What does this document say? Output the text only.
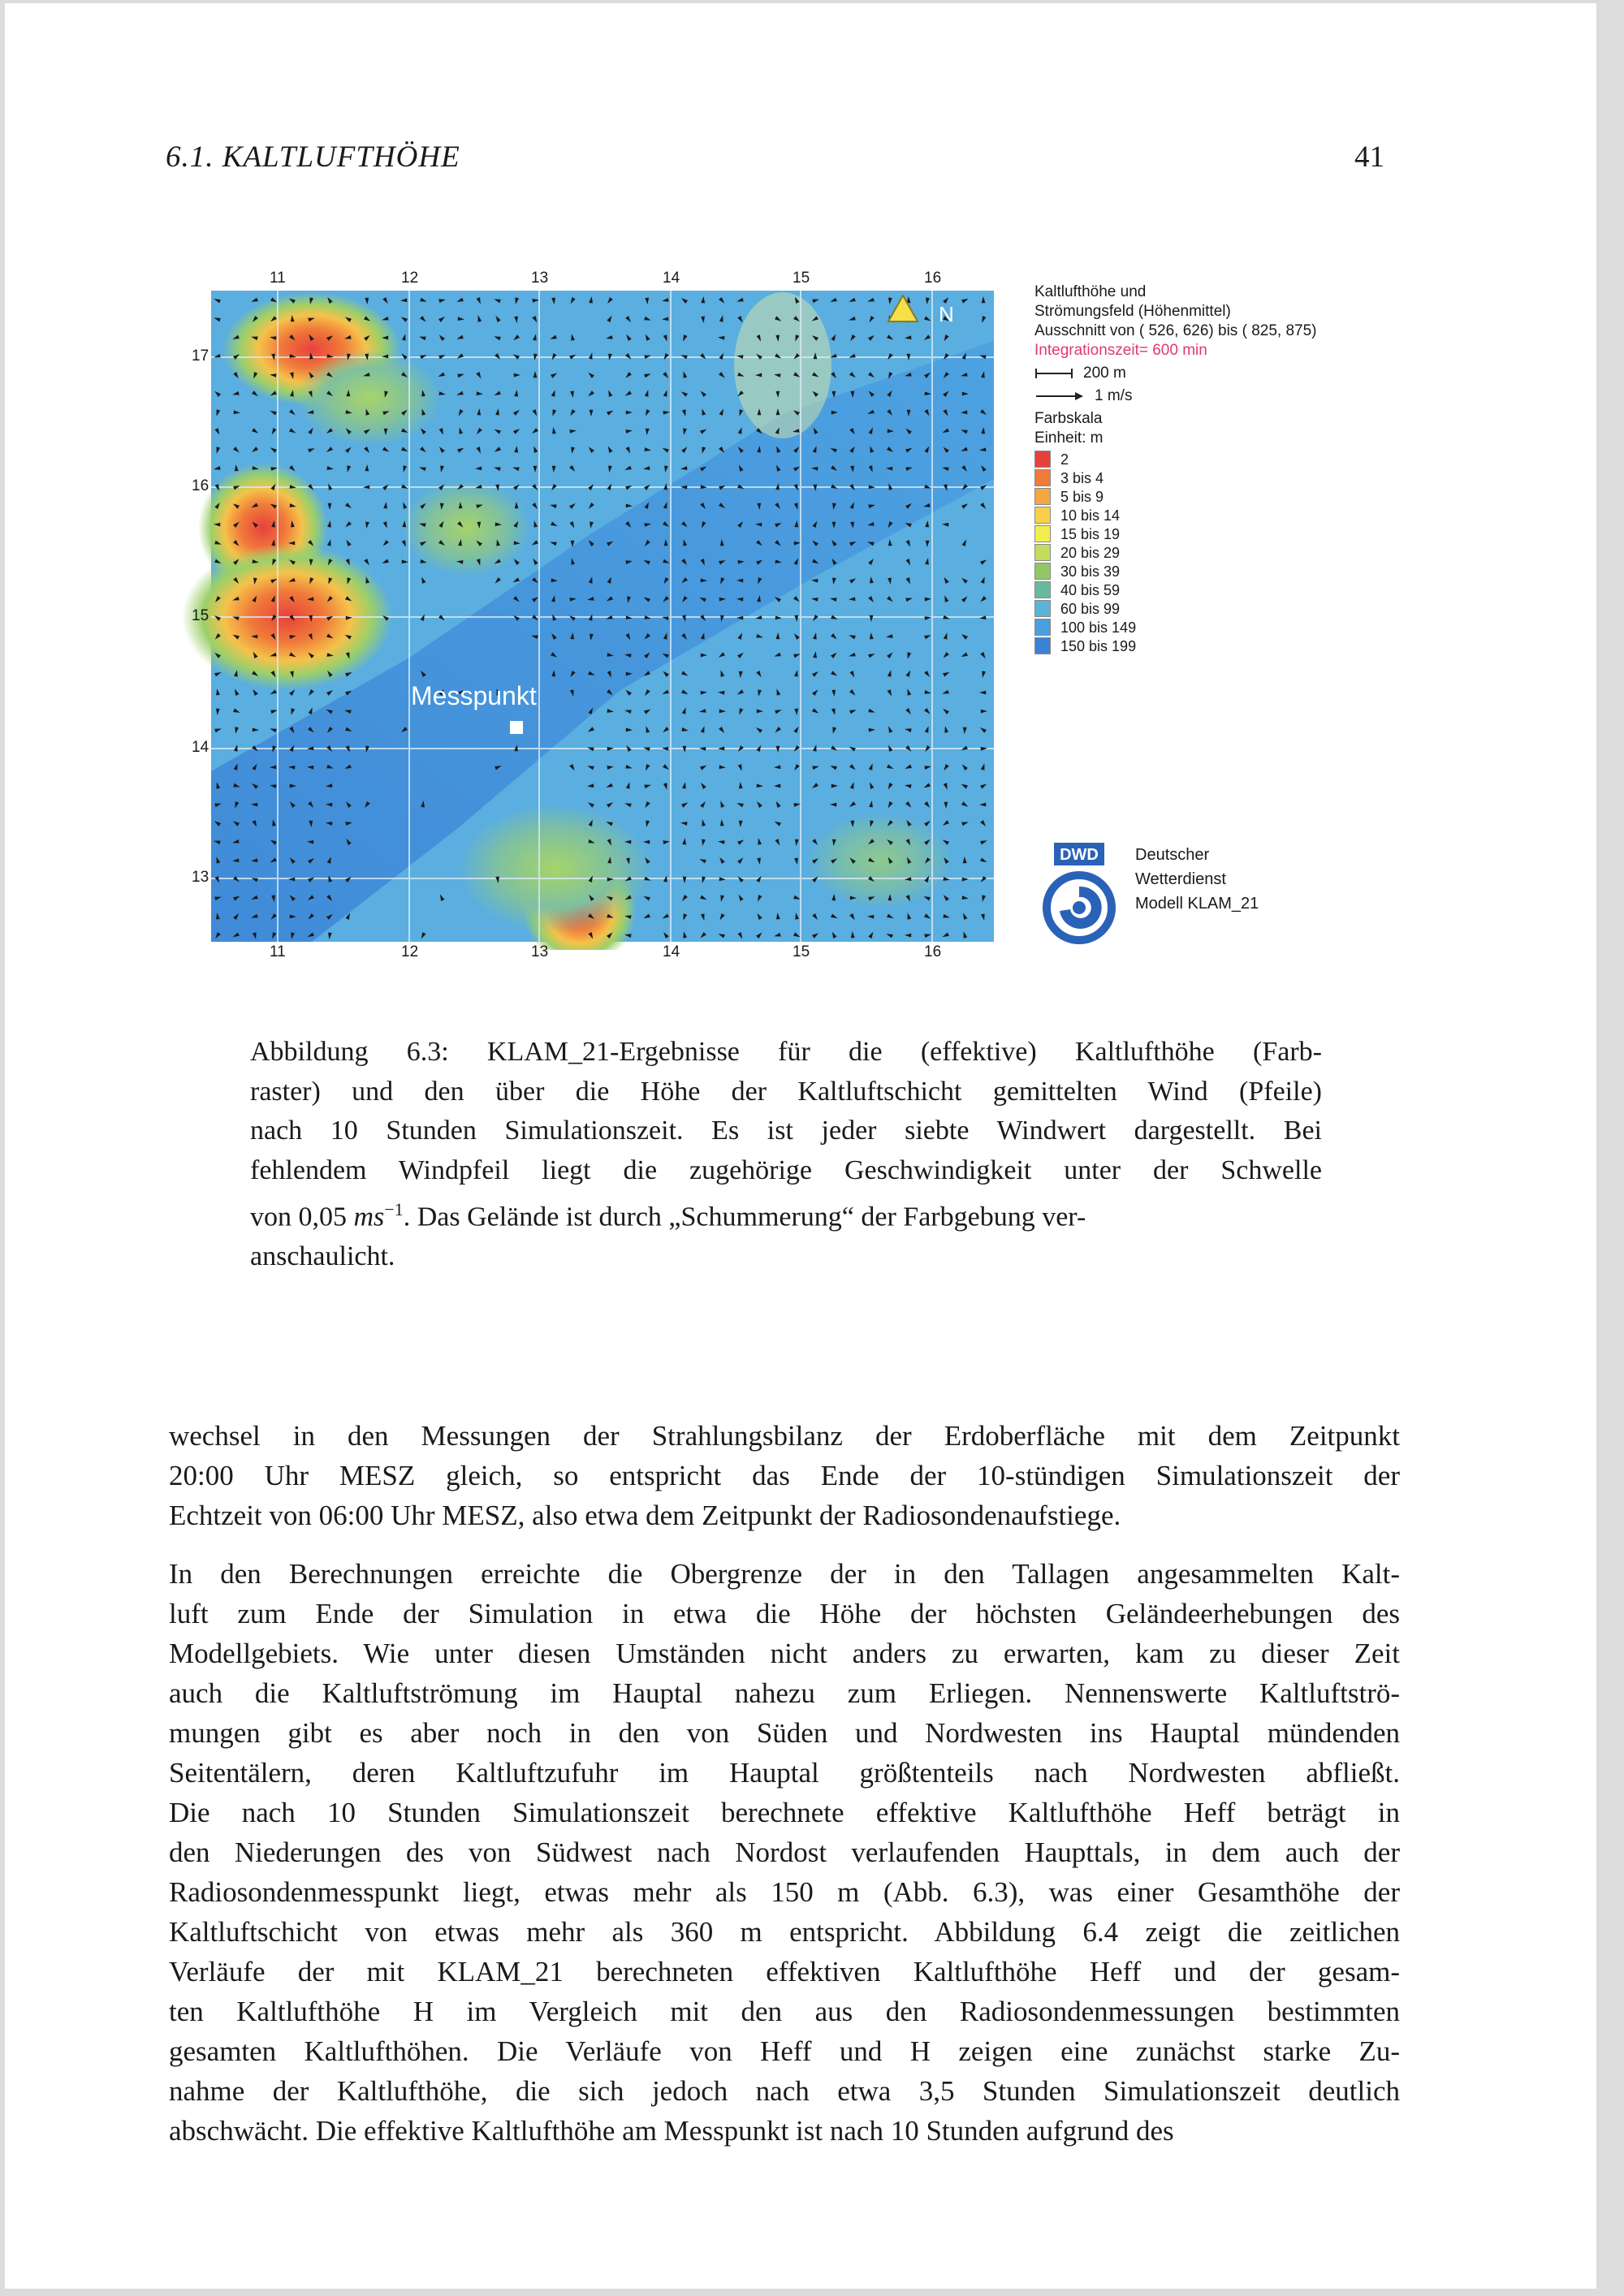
6.1. KALTLUFTHÖHE	41
N
Messpunkt
11
11
12
12
13
13
14
14
15
15
16
16
17
16
15
14
13
Kaltlufthöhe und
Strömungsfeld (Höhenmittel)
Ausschnitt von ( 526, 626) bis ( 825, 875)
Integrationszeit= 600 min
200 m
1 m/s
Farbskala
Einheit: m
2
3 bis 4
5 bis 9
10 bis 14
15 bis 19
20 bis 29
30 bis 39
40 bis 59
60 bis 99
100 bis 149
150 bis 199
DWD Deutscher
Wetterdienst
Modell KLAM_21
Abbildung 6.3: KLAM_21-Ergebnisse für die (effektive) Kaltlufthöhe (Farb-
raster) und den über die Höhe der Kaltluftschicht gemittelten Wind (Pfeile)
nach 10 Stunden Simulationszeit. Es ist jeder siebte Windwert dargestellt. Bei
fehlendem Windpfeil liegt die zugehörige Geschwindigkeit unter der Schwelle
von 0,05 $ms^{-1}$. Das Gelände ist durch „Schummerung“ der Farbgebung ver-
anschaulicht.
wechsel in den Messungen der Strahlungsbilanz der Erdoberfläche mit dem Zeitpunkt
20:00 Uhr MESZ gleich, so entspricht das Ende der 10-stündigen Simulationszeit der
Echtzeit von 06:00 Uhr MESZ, also etwa dem Zeitpunkt der Radiosondenaufstiege.
In den Berechnungen erreichte die Obergrenze der in den Tallagen angesammelten Kalt-
luft zum Ende der Simulation in etwa die Höhe der höchsten Geländeerhebungen des
Modellgebiets. Wie unter diesen Umständen nicht anders zu erwarten, kam zu dieser Zeit
auch die Kaltluftströmung im Hauptal nahezu zum Erliegen. Nennenswerte Kaltluftströ-
mungen gibt es aber noch in den von Süden und Nordwesten ins Hauptal mündenden
Seitentälern, deren Kaltluftzufuhr im Hauptal größtenteils nach Nordwesten abfließt.
Die nach 10 Stunden Simulationszeit berechnete effektive Kaltlufthöhe Heff beträgt in
den Niederungen des von Südwest nach Nordost verlaufenden Haupttals, in dem auch der
Radiosondenmesspunkt liegt, etwas mehr als 150 m (Abb. 6.3), was einer Gesamthöhe der
Kaltluftschicht von etwas mehr als 360 m entspricht. Abbildung 6.4 zeigt die zeitlichen
Verläufe der mit KLAM_21 berechneten effektiven Kaltlufthöhe Heff und der gesam-
ten Kaltlufthöhe H im Vergleich mit den aus den Radiosondenmessungen bestimmten
gesamten Kaltlufthöhen. Die Verläufe von Heff und H zeigen eine zunächst starke Zu-
nahme der Kaltlufthöhe, die sich jedoch nach etwa 3,5 Stunden Simulationszeit deutlich
abschwächt. Die effektive Kaltlufthöhe am Messpunkt ist nach 10 Stunden aufgrund des
